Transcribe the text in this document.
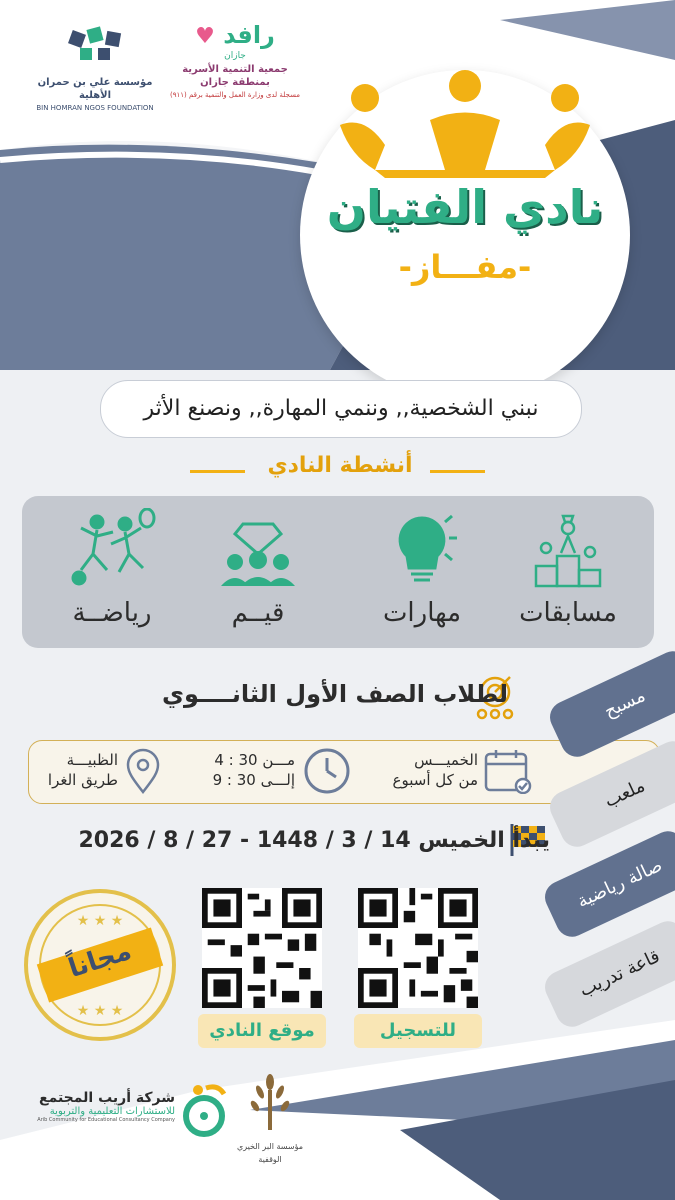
مؤسسة علي بن حمران الأهلية
BIN HOMRAN NGOS FOUNDATION
رافد ♥
جازان
جمعية التنمية الأسرية
بمنطقة جازان
مسجلة لدى وزارة العمل والتنمية برقم (٩١١)
نادي الفتيان
-مفـــاز-
نبني الشخصية,, وننمي المهارة,, ونصنع الأثر
أنشطة النادي
مسابقات
مهارات
قيــم
رياضــة
لطلاب الصف الأول الثانــــوي
الخميـــس
من كل أسبوع
مـــن 30 : 4
إلـــى 30 : 9
الظبيـــة
طريق الغرا
يبدأ الخميس 14 / 3 / 1448 - 27 / 8 / 2026
★ ★ ★
★ ★ ★
مجاناً
موقع النادي	للتسجيل
مسبح
ملعب
صالة رياضية
قاعة تدريب
مؤسسة البر الخيري الوقفية
شركة أريب المجتمع
للاستشارات التعليمية والتربوية
Arib Community for Educational Consultancy Company
